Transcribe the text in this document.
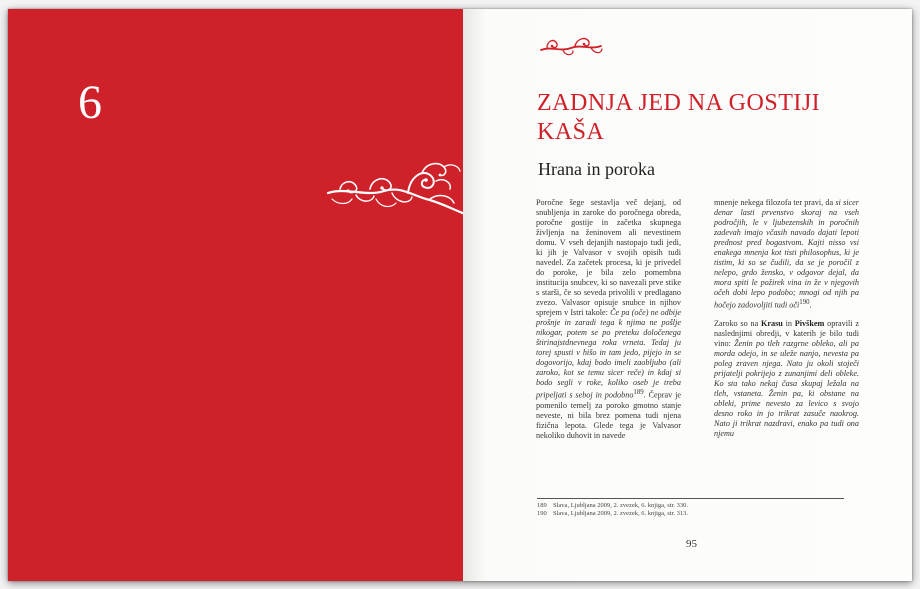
6	ZADNJA JED NA GOSTIJI KAŠA
Hrana in poroka

Poročne šege sestavlja več dejanj, od snubljenja in zaroke do poročnega obreda, poročne gostije in začetka skupnega življenja na ženinovem ali nevestinem domu. V vseh dejanjih nastopajo tudi jedi, ki jih je Valvasor v svojih opisih tudi navedel. Za začetek procesa, ki je privedel do poroke, je bila zelo pomembna institucija snubcev, ki so navezali prve stike s starši, če so seveda privolili v predlagano zvezo. Valvasor opisuje snubce in njihov sprejem v Istri takole: Če pa (oče) ne odbije prošnje in zaradi tega k njima ne pošlje nikogar, potem se po preteku določenega štirinajstdnevnega roka vrneta. Tedaj ju torej spusti v hišo in tam jedo, pijejo in se dogovorijo, kdaj bodo imeli zaobljubo (ali zaroko, kot se temu sicer reče) in kdaj si bodo segli v roke, koliko oseb je treba pripeljati s seboj in podobno$^{189}$. Čeprav je pomenilo temelj za poroko gmotno stanje neveste, ni bila brez pomena tudi njena fizična lepota. Glede tega je Valvasor nekoliko duhovit in navede

mnenje nekega filozofa ter pravi, da si sicer denar lasti prvenstvo skoraj na vseh področjih, le v ljubezenskih in poročnih zadevah imajo včasih navado dajati lepoti prednost pred bogastvom. Kajti nisso vsi enakega mnenja kot tisti philosophus, ki je tistim, ki so se čudili, da se je poročil z nelepo, grdo žensko, v odgovor dejal, da mora spiti le požirek vina in že v njegovih očeh dobi lepo podobo; mnogi od njih pa hočejo zadovoljiti tudi oči$^{190}$.

Zaroko so na Krasu in Pivškem opravili z naslednjimi obredji, v katerih je bilo tudi vino: Ženin po tleh razgrne obleko, ali pa morda odejo, in se uleže nanjo, nevesta pa poleg zraven njega. Nato ju okoli stoječi prijatelji pokrijejo z zunanjimi deli obleke. Ko sta tako nekaj časa skupaj ležala na tleh, vstaneta. Ženin pa, ki obstane na obleki, prime nevesto za levico s svojo desno roko in jo trikrat zasuče naokrog. Nato ji trikrat nazdravi, enako pa tudi ona njemu

189 Slava, Ljubljana 2009, 2. zvezek, 6. knjiga, str. 330.
190 Slava, Ljubljana 2009, 2. zvezek, 6. knjiga, str. 313.
95
